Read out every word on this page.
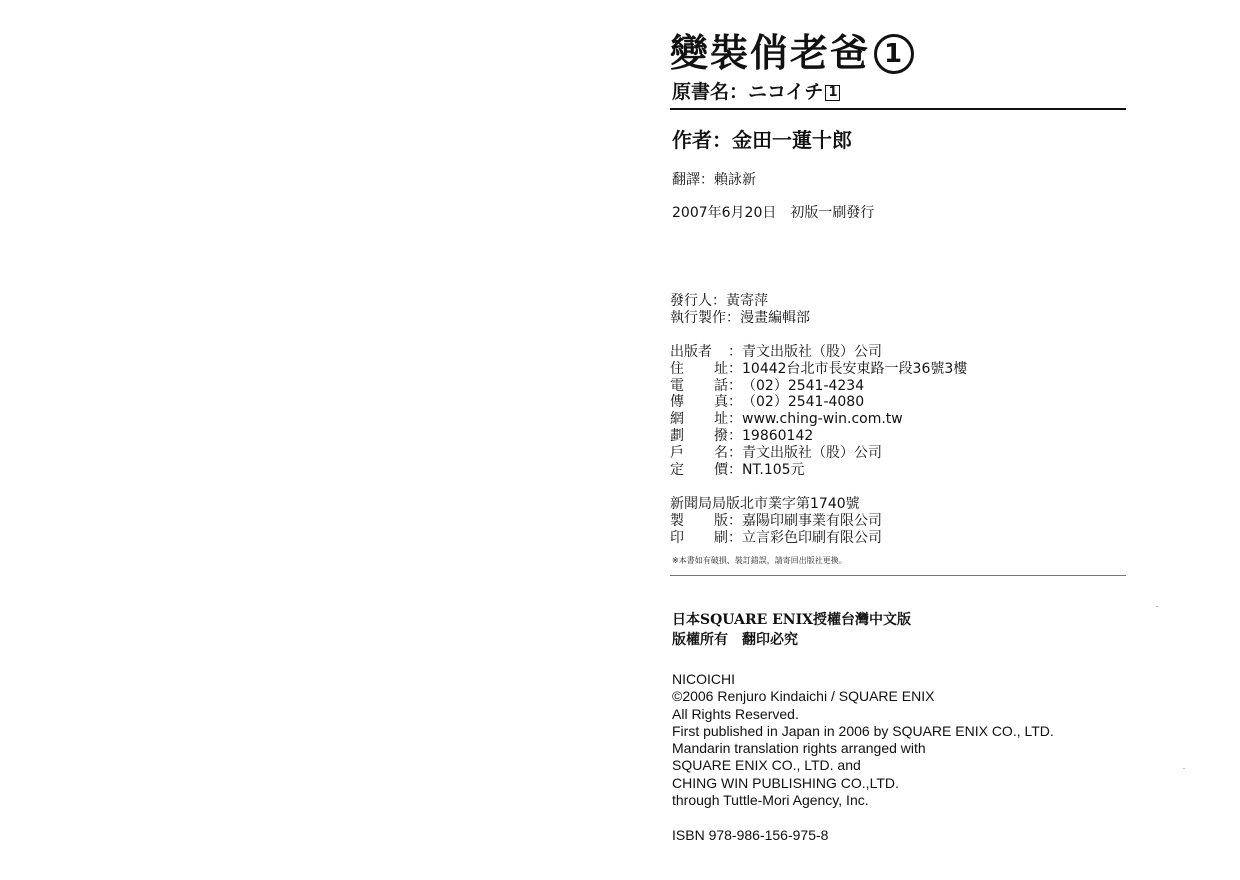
變裝俏老爸 1
原書名：ニコイチ 1
作者：金田一蓮十郎
翻譯：賴詠新
2007年6月20日　初版一刷發行
發行人 ： 黃寄萍
執行製作 ： 漫畫編輯部
出版者	： 青文出版社（股）公司
住 址 ： 10442台北市長安東路一段36號3樓
電 話 ： （02）2541-4234
傳 真 ： （02）2541-4080
網 址 ： www.ching-win.com.tw
劃 撥 ： 19860142
戶 名 ： 青文出版社（股）公司
定 價 ： NT.105元
新聞局局版北市業字第1740號
製 版 ： 嘉陽印刷事業有限公司
印 刷 ： 立言彩色印刷有限公司
※本書如有破損、裝訂錯誤，請寄回出版社更換。
日本SQUARE ENIX授權台灣中文版
版權所有　翻印必究
NICOICHI
©2006 Renjuro Kindaichi / SQUARE ENIX
All Rights Reserved.
First published in Japan in 2006 by SQUARE ENIX CO., LTD.
Mandarin translation rights arranged with
SQUARE ENIX CO., LTD. and
CHING WIN PUBLISHING CO.,LTD.
through Tuttle-Mori Agency, Inc.
ISBN 978-986-156-975-8
